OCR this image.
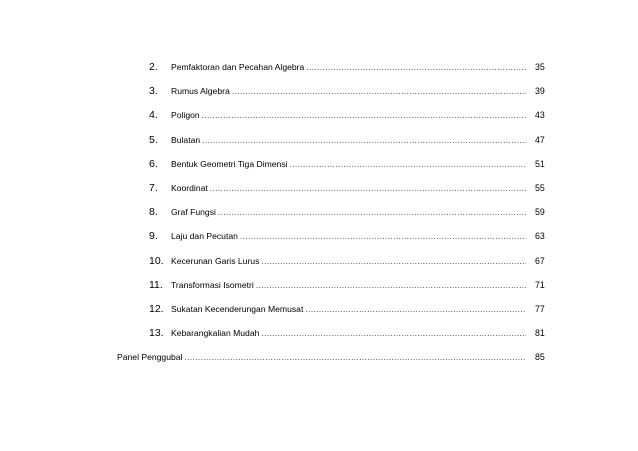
2. Pemfaktoran dan Pecahan Algebra .....	35
3. Rumus Algebra .....	39
4. Poligon .....	43
5. Bulatan .....	47
6. Bentuk Geometri Tiga Dimensi .....	51
7. Koordinat .....	55
8. Graf Fungsi .....	59
9. Laju dan Pecutan .....	63
10. Kecerunan Garis Lurus .....	67
11. Transformasi Isometri .....	71
12. Sukatan Kecenderungan Memusat .....	77
13. Kebarangkalian Mudah .....	81
Panel Penggubal .....	85
